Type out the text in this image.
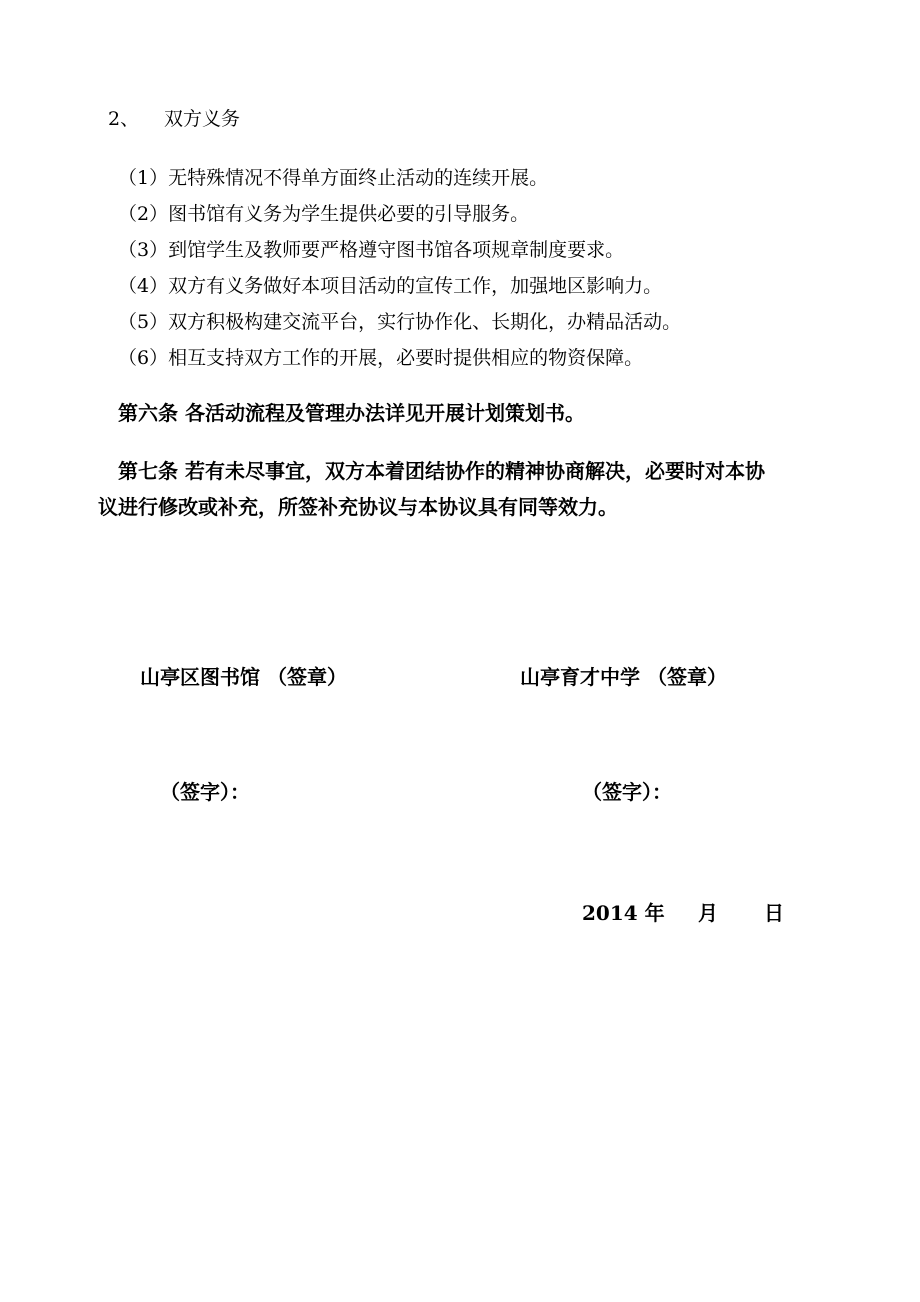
2、 双方义务
（1）无特殊情况不得单方面终止活动的连续开展。
（2）图书馆有义务为学生提供必要的引导服务。
（3）到馆学生及教师要严格遵守图书馆各项规章制度要求。
（4）双方有义务做好本项目活动的宣传工作，加强地区影响力。
（5）双方积极构建交流平台，实行协作化、长期化，办精品活动。
（6）相互支持双方工作的开展，必要时提供相应的物资保障。
第六条 各活动流程及管理办法详见开展计划策划书。
第七条 若有未尽事宜，双方本着团结协作的精神协商解决，必要时对本协
议进行修改或补充，所签补充协议与本协议具有同等效力。
山亭区图书馆 （签章）	山亭育才中学 （签章）
（签字）：	（签字）：
2014 年 月 日
